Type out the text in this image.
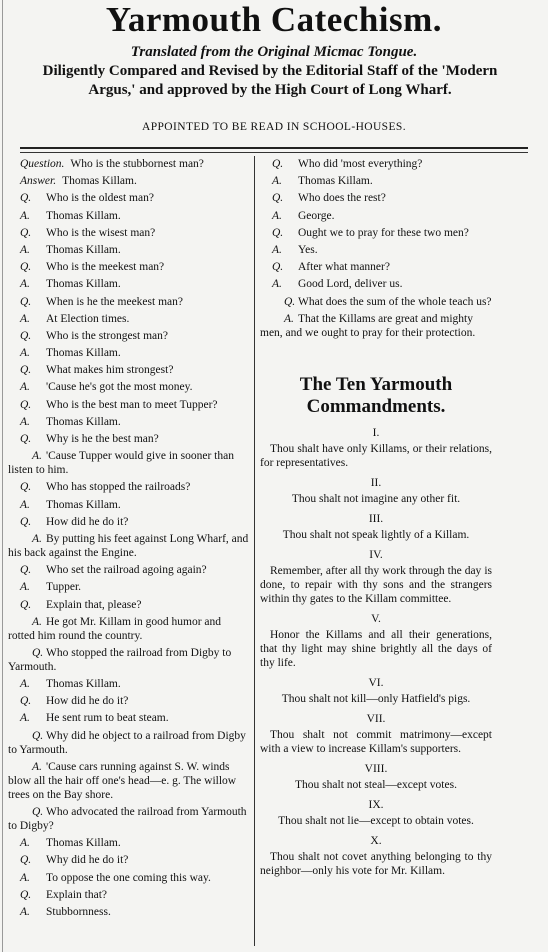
Yarmouth Catechism.
Translated from the Original Micmac Tongue.
Diligently Compared and Revised by the Editorial Staff of the 'Modern Argus,' and approved by the High Court of Long Wharf.
APPOINTED TO BE READ IN SCHOOL-HOUSES.
Question. Who is the stubbornest man?
Answer. Thomas Killam.
Q. Who is the oldest man?
A. Thomas Killam.
Q. Who is the wisest man?
A. Thomas Killam.
Q. Who is the meekest man?
A. Thomas Killam.
Q. When is he the meekest man?
A. At Election times.
Q. Who is the strongest man?
A. Thomas Killam.
Q. What makes him strongest?
A. 'Cause he's got the most money.
Q. Who is the best man to meet Tupper?
A. Thomas Killam.
Q. Why is he the best man?
A. 'Cause Tupper would give in sooner than listen to him.
Q. Who has stopped the railroads?
A. Thomas Killam.
Q. How did he do it?
A. By putting his feet against Long Wharf, and his back against the Engine.
Q. Who set the railroad agoing again?
A. Tupper.
Q. Explain that, please?
A. He got Mr. Killam in good humor and rotted him round the country.
Q. Who stopped the railroad from Digby to Yarmouth.
A. Thomas Killam.
Q. How did he do it?
A. He sent rum to beat steam.
Q. Why did he object to a railroad from Digby to Yarmouth.
A. 'Cause cars running against S. W. winds blow all the hair off one's head—e. g. The willow trees on the Bay shore.
Q. Who advocated the railroad from Yarmouth to Digby?
A. Thomas Killam.
Q. Why did he do it?
A. To oppose the one coming this way.
Q. Explain that?
A. Stubbornness.
Q. Who did 'most everything?
A. Thomas Killam.
Q. Who does the rest?
A. George.
Q. Ought we to pray for these two men?
A. Yes.
Q. After what manner?
A. Good Lord, deliver us.
Q. What does the sum of the whole teach us?
A. That the Killams are great and mighty men, and we ought to pray for their protection.
The Ten Yarmouth Commandments.
I.
Thou shalt have only Killams, or their relations, for representatives.
II.
Thou shalt not imagine any other fit.
III.
Thou shalt not speak lightly of a Killam.
IV.
Remember, after all thy work through the day is done, to repair with thy sons and the strangers within thy gates to the Killam committee.
V.
Honor the Killams and all their generations, that thy light may shine brightly all the days of thy life.
VI.
Thou shalt not kill—only Hatfield's pigs.
VII.
Thou shalt not commit matrimony—except with a view to increase Killam's supporters.
VIII.
Thou shalt not steal—except votes.
IX.
Thou shalt not lie—except to obtain votes.
X.
Thou shalt not covet anything belonging to thy neighbor—only his vote for Mr. Killam.
